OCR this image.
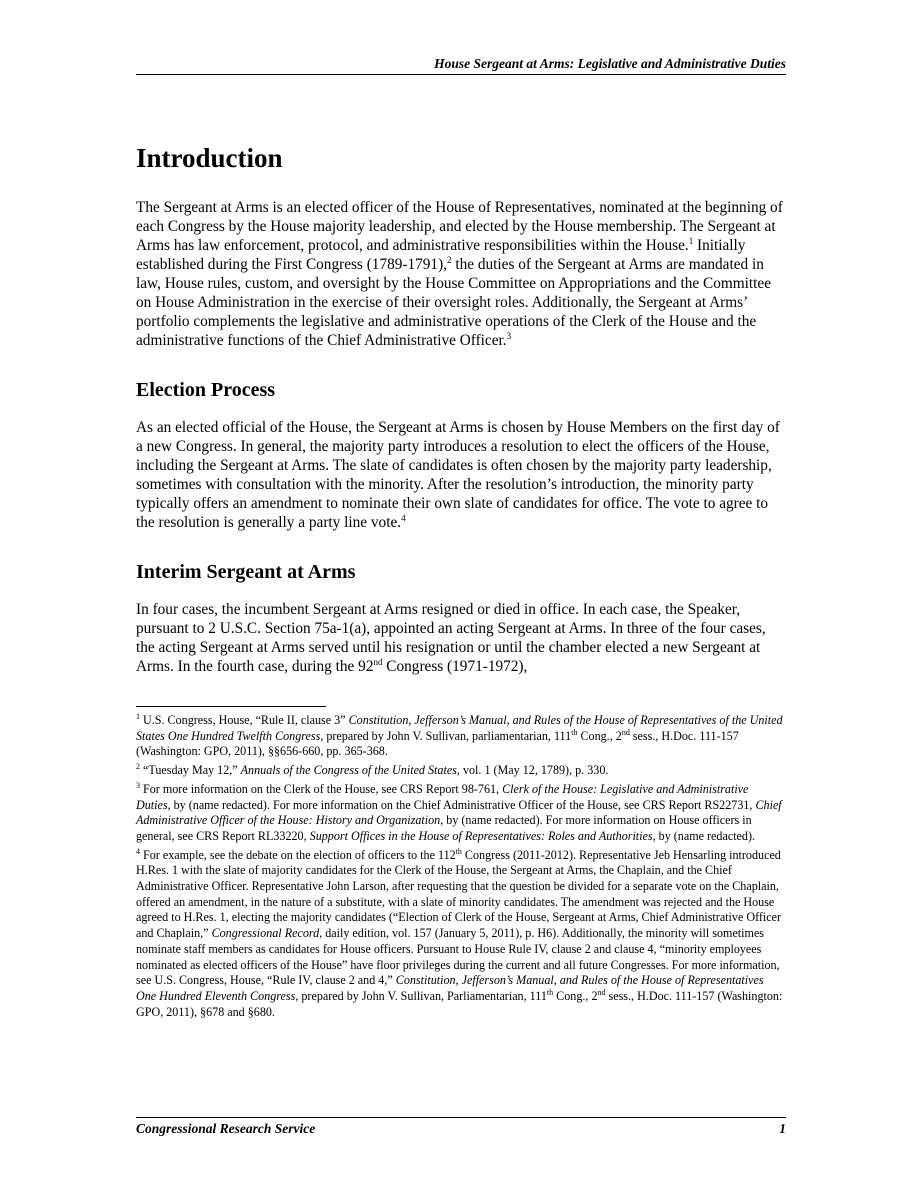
House Sergeant at Arms: Legislative and Administrative Duties
Introduction

The Sergeant at Arms is an elected officer of the House of Representatives, nominated at the beginning of each Congress by the House majority leadership, and elected by the House membership. The Sergeant at Arms has law enforcement, protocol, and administrative responsibilities within the House.$^1$ Initially established during the First Congress (1789-1791),$^2$ the duties of the Sergeant at Arms are mandated in law, House rules, custom, and oversight by the House Committee on Appropriations and the Committee on House Administration in the exercise of their oversight roles. Additionally, the Sergeant at Arms’ portfolio complements the legislative and administrative operations of the Clerk of the House and the administrative functions of the Chief Administrative Officer.$^3$

Election Process

As an elected official of the House, the Sergeant at Arms is chosen by House Members on the first day of a new Congress. In general, the majority party introduces a resolution to elect the officers of the House, including the Sergeant at Arms. The slate of candidates is often chosen by the majority party leadership, sometimes with consultation with the minority. After the resolution’s introduction, the minority party typically offers an amendment to nominate their own slate of candidates for office. The vote to agree to the resolution is generally a party line vote.$^4$

Interim Sergeant at Arms

In four cases, the incumbent Sergeant at Arms resigned or died in office. In each case, the Speaker, pursuant to 2 U.S.C. Section 75a-1(a), appointed an acting Sergeant at Arms. In three of the four cases, the acting Sergeant at Arms served until his resignation or until the chamber elected a new Sergeant at Arms. In the fourth case, during the 92nd Congress (1971-1972),

$^1$ U.S. Congress, House, “Rule II, clause 3” Constitution, Jefferson’s Manual, and Rules of the House of Representatives of the United States One Hundred Twelfth Congress, prepared by John V. Sullivan, parliamentarian, 111th Cong., 2nd sess., H.Doc. 111-157 (Washington: GPO, 2011), §§656-660, pp. 365-368.

$^2$ “Tuesday May 12,” Annuals of the Congress of the United States, vol. 1 (May 12, 1789), p. 330.

$^3$ For more information on the Clerk of the House, see CRS Report 98-761, Clerk of the House: Legislative and Administrative Duties, by (name redacted). For more information on the Chief Administrative Officer of the House, see CRS Report RS22731, Chief Administrative Officer of the House: History and Organization, by (name redacted). For more information on House officers in general, see CRS Report RL33220, Support Offices in the House of Representatives: Roles and Authorities, by (name redacted).

$^4$ For example, see the debate on the election of officers to the 112th Congress (2011-2012). Representative Jeb Hensarling introduced H.Res. 1 with the slate of majority candidates for the Clerk of the House, the Sergeant at Arms, the Chaplain, and the Chief Administrative Officer. Representative John Larson, after requesting that the question be divided for a separate vote on the Chaplain, offered an amendment, in the nature of a substitute, with a slate of minority candidates. The amendment was rejected and the House agreed to H.Res. 1, electing the majority candidates (“Election of Clerk of the House, Sergeant at Arms, Chief Administrative Officer and Chaplain,” Congressional Record, daily edition, vol. 157 (January 5, 2011), p. H6). Additionally, the minority will sometimes nominate staff members as candidates for House officers. Pursuant to House Rule IV, clause 2 and clause 4, “minority employees nominated as elected officers of the House” have floor privileges during the current and all future Congresses. For more information, see U.S. Congress, House, “Rule IV, clause 2 and 4,” Constitution, Jefferson’s Manual, and Rules of the House of Representatives One Hundred Eleventh Congress, prepared by John V. Sullivan, Parliamentarian, 111th Cong., 2nd sess., H.Doc. 111-157 (Washington: GPO, 2011), §678 and §680.

Congressional Research Service	1
